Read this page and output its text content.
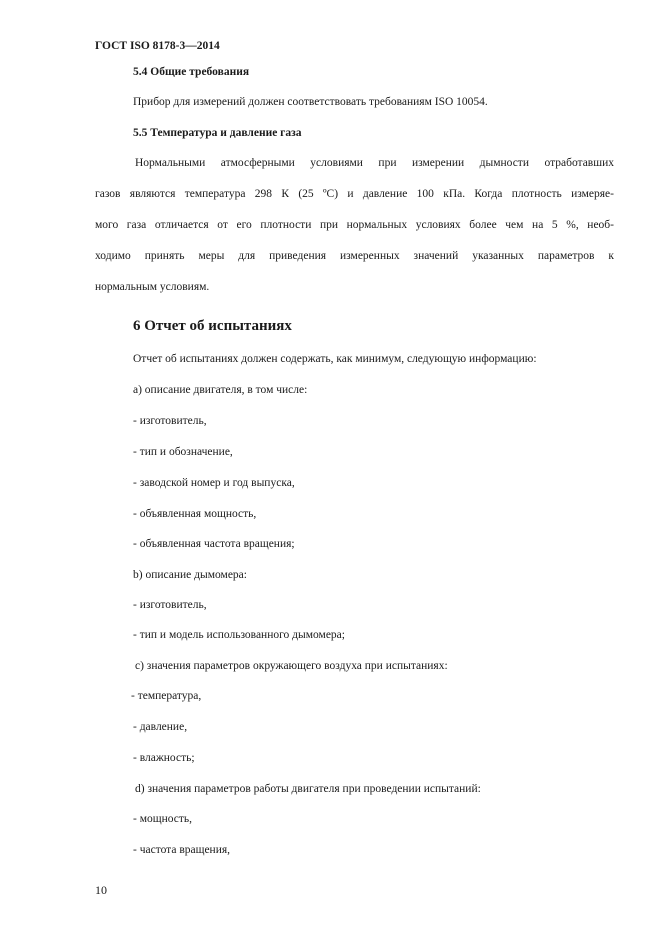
ГОСТ ISO 8178-3—2014
5.4 Общие требования
Прибор для измерений должен соответствовать требованиям ISO 10054.
5.5 Температура и давление газа
Нормальными атмосферными условиями при измерении дымности отработавших
газов являются температура 298 К (25 ºС) и давление 100 кПа. Когда плотность измеряе-
мого газа отличается от его плотности при нормальных условиях более чем на 5 %, необ-
ходимо принять меры для приведения измеренных значений указанных параметров к
нормальным условиям.
6 Отчет об испытаниях
Отчет об испытаниях должен содержать, как минимум, следующую информацию:
a) описание двигателя, в том числе:
- изготовитель,
- тип и обозначение,
- заводской номер и год выпуска,
- объявленная мощность,
- объявленная частота вращения;
b) описание дымомера:
- изготовитель,
- тип и модель использованного дымомера;
c) значения параметров окружающего воздуха при испытаниях:
- температура,
- давление,
- влажность;
d) значения параметров работы двигателя при проведении испытаний:
- мощность,
- частота вращения,
10
